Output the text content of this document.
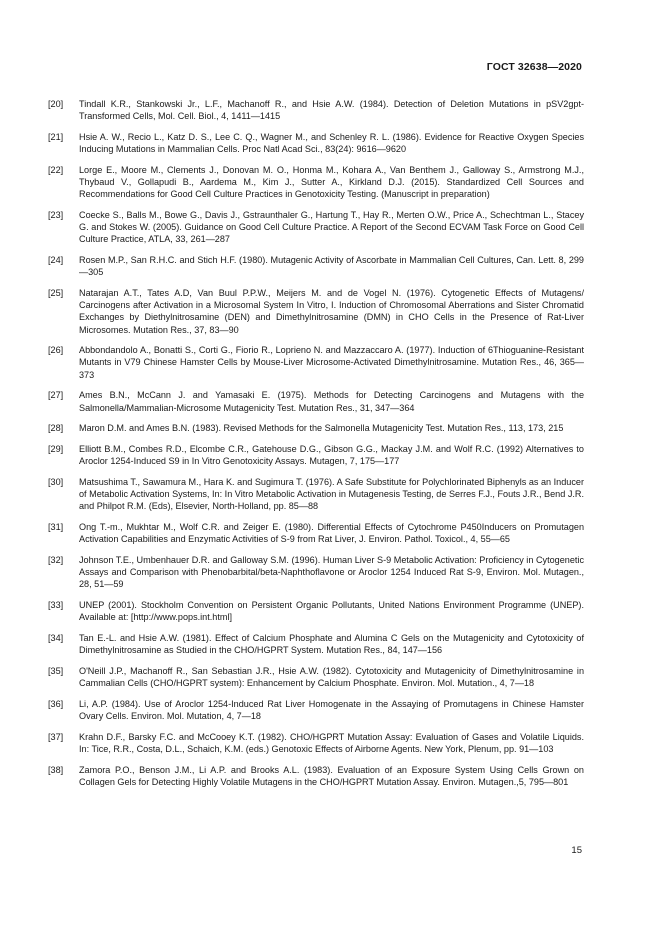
ГОСТ 32638—2020
[20]	Tindall K.R., Stankowski Jr., L.F., Machanoff R., and Hsie A.W. (1984). Detection of Deletion Mutations in pSV2gpt-Transformed Cells, Mol. Cell. Biol., 4, 1411—1415
[21]	Hsie A. W., Recio L., Katz D. S., Lee C. Q., Wagner M., and Schenley R. L. (1986). Evidence for Reactive Oxygen Species Inducing Mutations in Mammalian Cells. Proc Natl Acad Sci., 83(24): 9616—9620
[22]	Lorge E., Moore M., Clements J., Donovan M. O., Honma M., Kohara A., Van Benthem J., Galloway S., Armstrong M.J., Thybaud V., Gollapudi B., Aardema M., Kim J., Sutter A., Kirkland D.J. (2015). Standardized Cell Sources and Recommendations for Good Cell Culture Practices in Genotoxicity Testing. (Manuscript in preparation)
[23]	Coecke S., Balls M., Bowe G., Davis J., Gstraunthaler G., Hartung T., Hay R., Merten O.W., Price A., Schechtman L., Stacey G. and Stokes W. (2005). Guidance on Good Cell Culture Practice. A Report of the Second ECVAM Task Force on Good Cell Culture Practice, ATLA, 33, 261—287
[24]	Rosen M.P., San R.H.C. and Stich H.F. (1980). Mutagenic Activity of Ascorbate in Mammalian Cell Cultures, Can. Lett. 8, 299—305
[25]	Natarajan A.T., Tates A.D, Van Buul P.P.W., Meijers M. and de Vogel N. (1976). Cytogenetic Effects of Mutagens/ Carcinogens after Activation in a Microsomal System In Vitro, I. Induction of Chromosomal Aberrations and Sister Chromatid Exchanges by Diethylnitrosamine (DEN) and Dimethylnitrosamine (DMN) in CHO Cells in the Presence of Rat-Liver Microsomes. Mutation Res., 37, 83—90
[26]	Abbondandolo A., Bonatti S., Corti G., Fiorio R., Loprieno N. and Mazzaccaro A. (1977). Induction of 6Thioguanine-Resistant Mutants in V79 Chinese Hamster Cells by Mouse-Liver Microsome-Activated Dimethylnitrosamine. Mutation Res., 46, 365—373
[27]	Ames B.N., McCann J. and Yamasaki E. (1975). Methods for Detecting Carcinogens and Mutagens with the Salmonella/Mammalian-Microsome Mutagenicity Test. Mutation Res., 31, 347—364
[28]	Maron D.M. and Ames B.N. (1983). Revised Methods for the Salmonella Mutagenicity Test. Mutation Res., 113, 173, 215
[29]	Elliott B.M., Combes R.D., Elcombe C.R., Gatehouse D.G., Gibson G.G., Mackay J.M. and Wolf R.C. (1992) Alternatives to Aroclor 1254-Induced S9 in In Vitro Genotoxicity Assays. Mutagen, 7, 175—177
[30]	Matsushima T., Sawamura M., Hara K. and Sugimura T. (1976). A Safe Substitute for Polychlorinated Biphenyls as an Inducer of Metabolic Activation Systems, In: In Vitro Metabolic Activation in Mutagenesis Testing, de Serres F.J., Fouts J.R., Bend J.R. and Philpot R.M. (Eds), Elsevier, North-Holland, pp. 85—88
[31]	Ong T.-m., Mukhtar M., Wolf C.R. and Zeiger E. (1980). Differential Effects of Cytochrome P450Inducers on Promutagen Activation Capabilities and Enzymatic Activities of S-9 from Rat Liver, J. Environ. Pathol. Toxicol., 4, 55—65
[32]	Johnson T.E., Umbenhauer D.R. and Galloway S.M. (1996). Human Liver S-9 Metabolic Activation: Proficiency in Cytogenetic Assays and Comparison with Phenobarbital/beta-Naphthoflavone or Aroclor 1254 Induced Rat S-9, Environ. Mol. Mutagen., 28, 51—59
[33]	UNEP (2001). Stockholm Convention on Persistent Organic Pollutants, United Nations Environment Programme (UNEP). Available at: [http://www.pops.int.html]
[34]	Tan E.-L. and Hsie A.W. (1981). Effect of Calcium Phosphate and Alumina C Gels on the Mutagenicity and Cytotoxicity of Dimethylnitrosamine as Studied in the CHO/HGPRT System. Mutation Res., 84, 147—156
[35]	O'Neill J.P., Machanoff R., San Sebastian J.R., Hsie A.W. (1982). Cytotoxicity and Mutagenicity of Dimethylnitrosamine in Cammalian Cells (CHO/HGPRT system): Enhancement by Calcium Phosphate. Environ. Mol. Mutation., 4, 7—18
[36]	Li, A.P. (1984). Use of Aroclor 1254-Induced Rat Liver Homogenate in the Assaying of Promutagens in Chinese Hamster Ovary Cells. Environ. Mol. Mutation, 4, 7—18
[37]	Krahn D.F., Barsky F.C. and McCooey K.T. (1982). CHO/HGPRT Mutation Assay: Evaluation of Gases and Volatile Liquids. In: Tice, R.R., Costa, D.L., Schaich, K.M. (eds.) Genotoxic Effects of Airborne Agents. New York, Plenum, pp. 91—103
[38]	Zamora P.O., Benson J.M., Li A.P. and Brooks A.L. (1983). Evaluation of an Exposure System Using Cells Grown on Collagen Gels for Detecting Highly Volatile Mutagens in the CHO/HGPRT Mutation Assay. Environ. Mutagen.,5, 795—801
15
